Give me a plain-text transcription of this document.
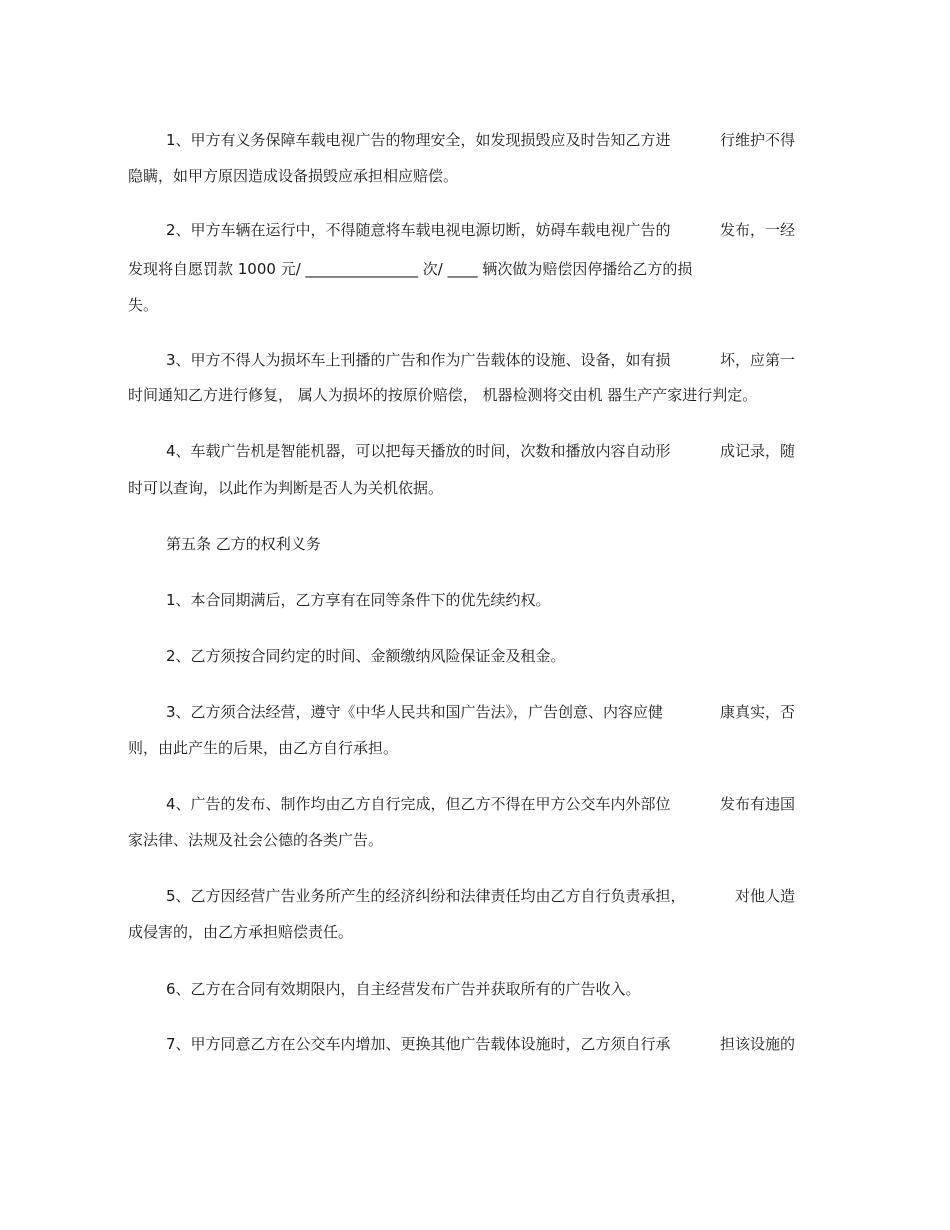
1、甲方有义务保障车载电视广告的物理安全，如发现损毁应及时告知乙方进	行维护不得

隐瞒，如甲方原因造成设备损毁应承担相应赔偿。

2、甲方车辆在运行中，不得随意将车载电视电源切断，妨碍车载电视广告的	发布，一经

发现将自愿罚款 1000 元/ _______________ 次/ ____ 辆次做为赔偿因停播给乙方的损

失。

3、甲方不得人为损坏车上刊播的广告和作为广告载体的设施、设备，如有损	坏，应第一

时间通知乙方进行修复， 属人为损坏的按原价赔偿， 机器检测将交由机 器生产产家进行判定。

4、车载广告机是智能机器，可以把每天播放的时间，次数和播放内容自动形	成记录，随

时可以查询，以此作为判断是否人为关机依据。

第五条 乙方的权利义务

1、本合同期满后，乙方享有在同等条件下的优先续约权。

2、乙方须按合同约定的时间、金额缴纳风险保证金及租金。

3、乙方须合法经营，遵守《中华人民共和国广告法》，广告创意、内容应健	康真实，否

则，由此产生的后果，由乙方自行承担。

4、广告的发布、制作均由乙方自行完成，但乙方不得在甲方公交车内外部位	发布有违国

家法律、法规及社会公德的各类广告。

5、乙方因经营广告业务所产生的经济纠纷和法律责任均由乙方自行负责承担，	对他人造

成侵害的，由乙方承担赔偿责任。

6、乙方在合同有效期限内，自主经营发布广告并获取所有的广告收入。

7、甲方同意乙方在公交车内增加、更换其他广告载体设施时，乙方须自行承	担该设施的
